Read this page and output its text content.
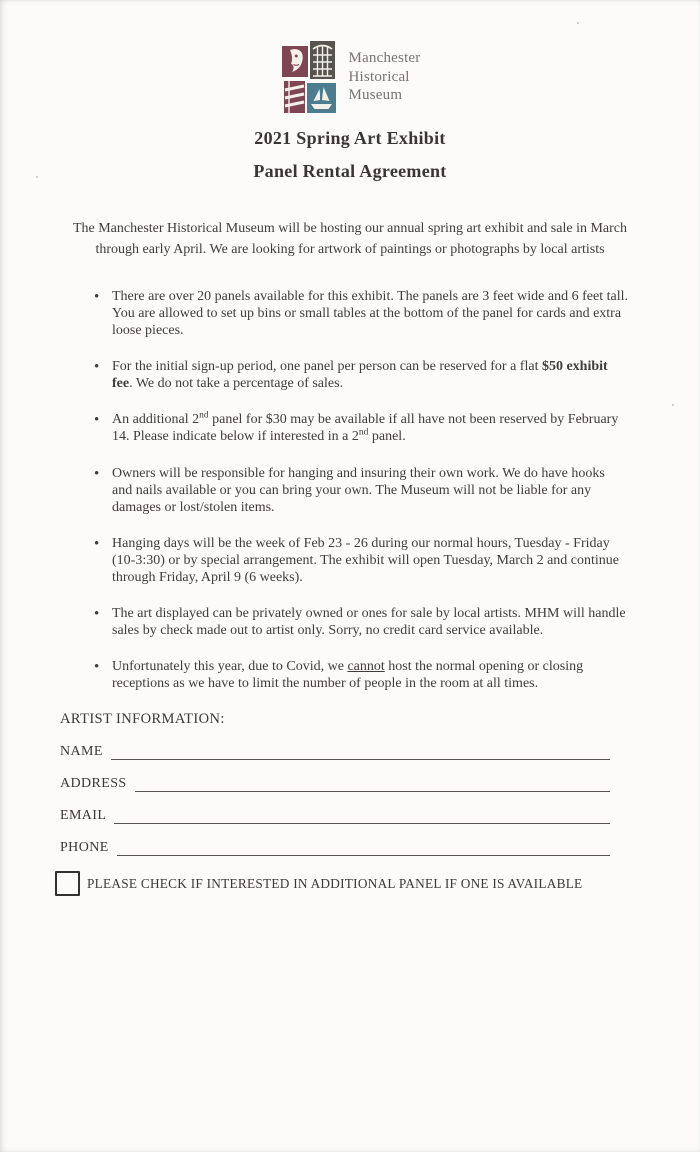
Manchester
Historical
Museum
2021 Spring Art Exhibit
Panel Rental Agreement

The Manchester Historical Museum will be hosting our annual spring art exhibit and sale in March through early April. We are looking for artwork of paintings or photographs by local artists

• There are over 20 panels available for this exhibit. The panels are 3 feet wide and 6 feet tall. You are allowed to set up bins or small tables at the bottom of the panel for cards and extra loose pieces.
• For the initial sign-up period, one panel per person can be reserved for a flat $50 exhibit fee. We do not take a percentage of sales.
• An additional 2nd panel for $30 may be available if all have not been reserved by February 14. Please indicate below if interested in a 2nd panel.
• Owners will be responsible for hanging and insuring their own work. We do have hooks and nails available or you can bring your own. The Museum will not be liable for any damages or lost/stolen items.
• Hanging days will be the week of Feb 23 - 26 during our normal hours, Tuesday - Friday (10-3:30) or by special arrangement. The exhibit will open Tuesday, March 2 and continue through Friday, April 9 (6 weeks).
• The art displayed can be privately owned or ones for sale by local artists. MHM will handle sales by check made out to artist only. Sorry, no credit card service available.
• Unfortunately this year, due to Covid, we cannot host the normal opening or closing receptions as we have to limit the number of people in the room at all times.
ARTIST INFORMATION:
NAME
ADDRESS
EMAIL
PHONE
PLEASE CHECK IF INTERESTED IN ADDITIONAL PANEL IF ONE IS AVAILABLE
